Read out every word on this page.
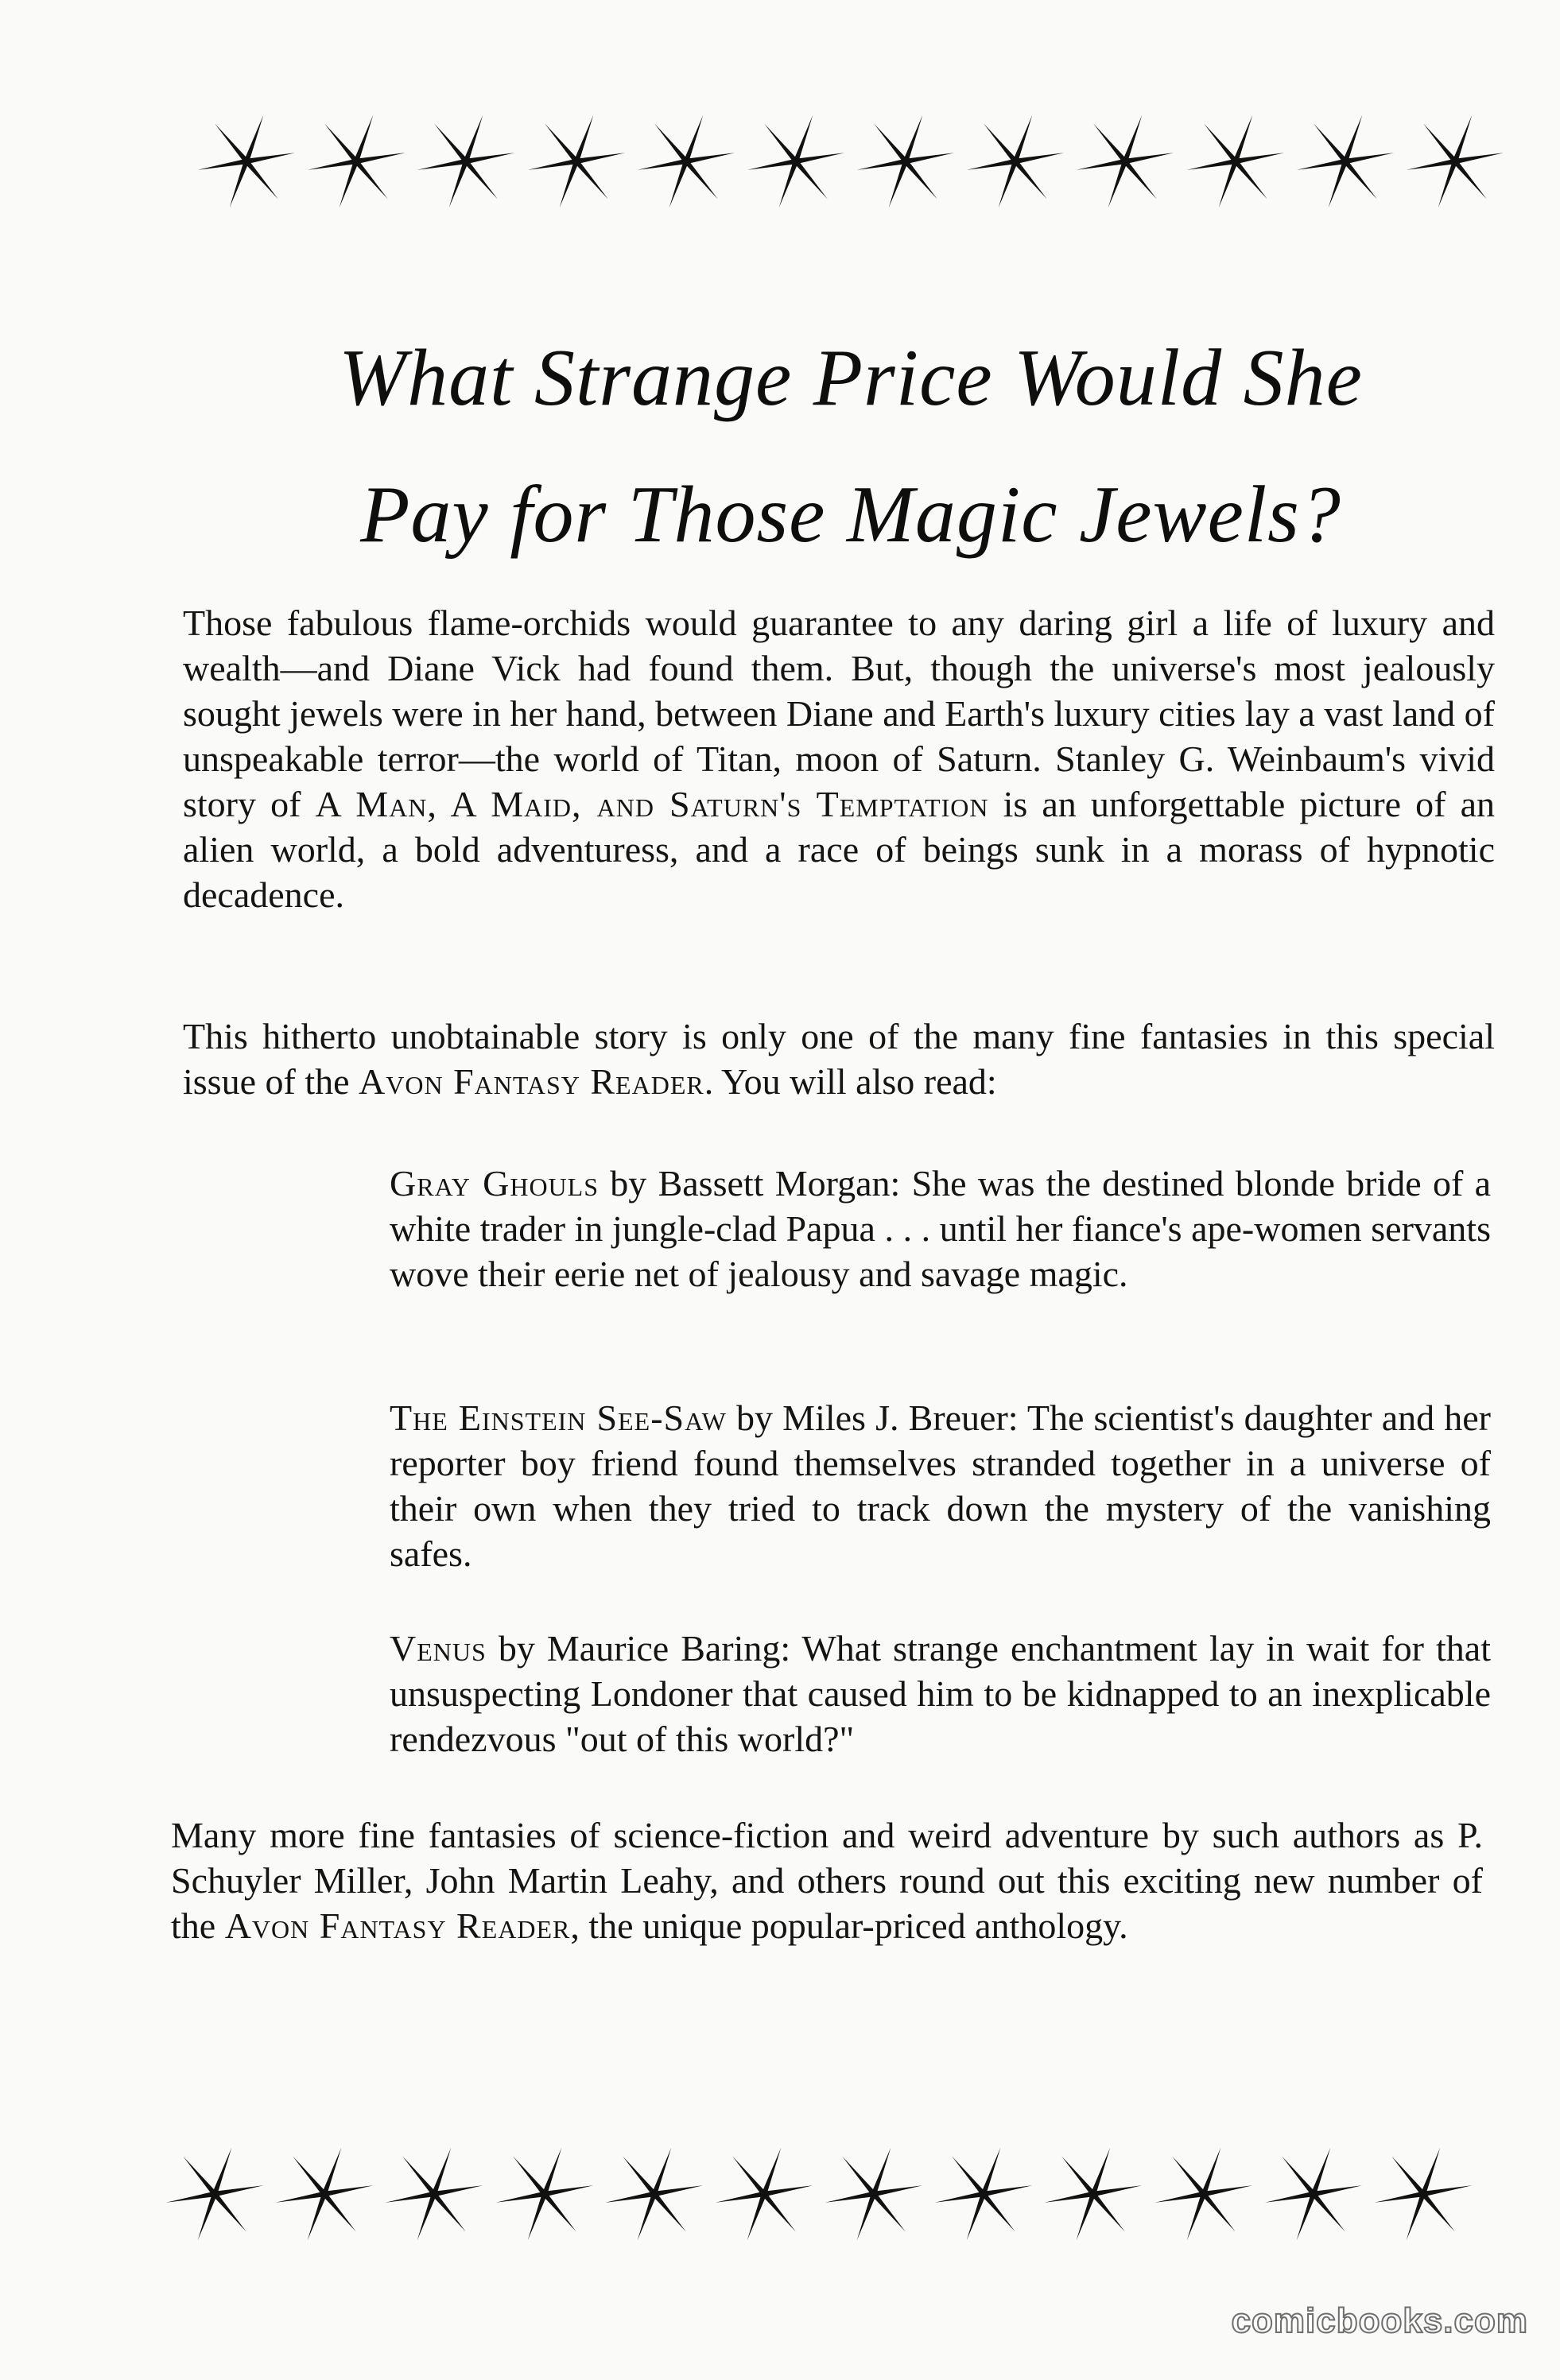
What Strange Price Would She
Pay for Those Magic Jewels?

Those fabulous flame-orchids would guarantee to any daring girl a life of luxury and wealth—and Diane Vick had found them. But, though the universe's most jealously sought jewels were in her hand, between Diane and Earth's luxury cities lay a vast land of unspeakable terror—the world of Titan, moon of Saturn. Stanley G. Weinbaum's vivid story of A Man, A Maid, and Saturn's Temptation is an unforgettable picture of an alien world, a bold adventuress, and a race of beings sunk in a morass of hypnotic decadence.

This hitherto unobtainable story is only one of the many fine fantasies in this special issue of the Avon Fantasy Reader. You will also read:

Gray Ghouls by Bassett Morgan: She was the destined blonde bride of a white trader in jungle-clad Papua . . . until her fiance's ape-women servants wove their eerie net of jealousy and savage magic.

The Einstein See-Saw by Miles J. Breuer: The scientist's daughter and her reporter boy friend found themselves stranded together in a universe of their own when they tried to track down the mystery of the vanishing safes.

Venus by Maurice Baring: What strange enchantment lay in wait for that unsuspecting Londoner that caused him to be kidnapped to an inexplicable rendezvous "out of this world?"

Many more fine fantasies of science-fiction and weird adventure by such authors as P. Schuyler Miller, John Martin Leahy, and others round out this exciting new number of the Avon Fantasy Reader, the unique popular-priced anthology.

comicbooks.com
